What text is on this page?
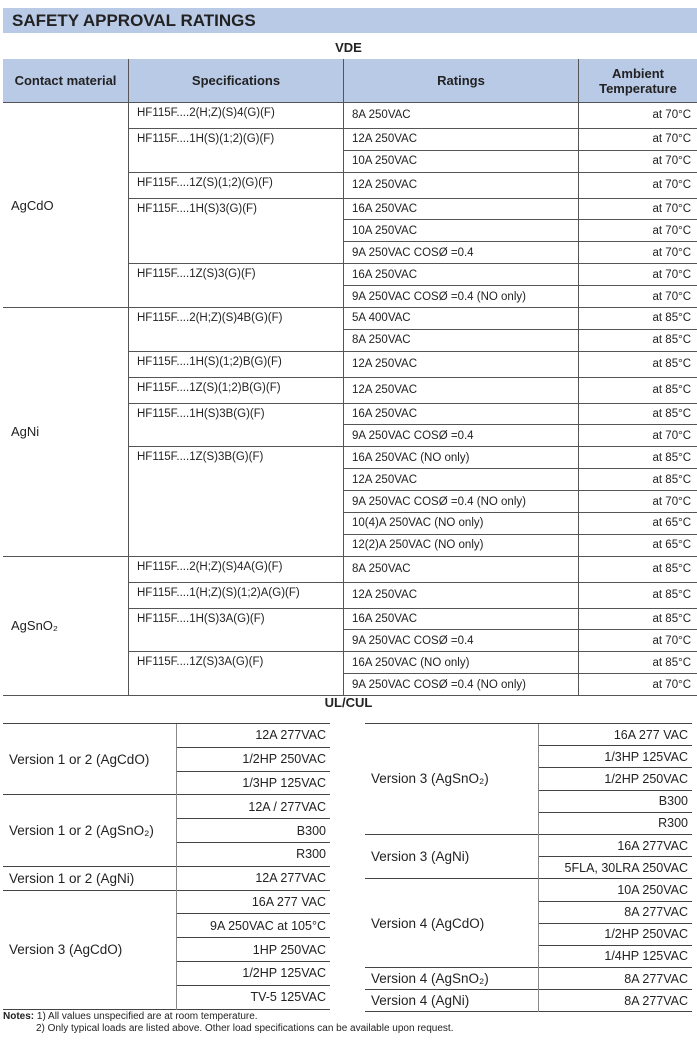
SAFETY APPROVAL RATINGS
VDE
Contact material	Specifications	Ratings	Ambient Temperature
AgCdO	HF115F....2(H;Z)(S)4(G)(F)	8A 250VAC	at 70°C
	HF115F....1H(S)(1;2)(G)(F)	12A 250VAC	at 70°C
		10A 250VAC	at 70°C
	HF115F....1Z(S)(1;2)(G)(F)	12A 250VAC	at 70°C
	HF115F....1H(S)3(G)(F)	16A 250VAC	at 70°C
		10A 250VAC	at 70°C
		9A 250VAC COSØ =0.4	at 70°C
	HF115F....1Z(S)3(G)(F)	16A 250VAC	at 70°C
		9A 250VAC COSØ =0.4 (NO only)	at 70°C
AgNi	HF115F....2(H;Z)(S)4B(G)(F)	5A 400VAC	at 85°C
		8A 250VAC	at 85°C
	HF115F....1H(S)(1;2)B(G)(F)	12A 250VAC	at 85°C
	HF115F....1Z(S)(1;2)B(G)(F)	12A 250VAC	at 85°C
	HF115F....1H(S)3B(G)(F)	16A 250VAC	at 85°C
		9A 250VAC COSØ =0.4	at 70°C
	HF115F....1Z(S)3B(G)(F)	16A 250VAC (NO only)	at 85°C
		12A 250VAC	at 85°C
		9A 250VAC COSØ =0.4 (NO only)	at 70°C
		10(4)A 250VAC (NO only)	at 65°C
		12(2)A 250VAC (NO only)	at 65°C
AgSnO₂	HF115F....2(H;Z)(S)4A(G)(F)	8A 250VAC	at 85°C
	HF115F....1(H;Z)(S)(1;2)A(G)(F)	12A 250VAC	at 85°C
	HF115F....1H(S)3A(G)(F)	16A 250VAC	at 85°C
		9A 250VAC COSØ =0.4	at 70°C
	HF115F....1Z(S)3A(G)(F)	16A 250VAC (NO only)	at 85°C
		9A 250VAC COSØ =0.4 (NO only)	at 70°C
UL/CUL
Version 1 or 2 (AgCdO)	12A 277VAC
	1/2HP 250VAC
	1/3HP 125VAC
Version 1 or 2 (AgSnO₂)	12A / 277VAC
	B300
	R300
Version 1 or 2 (AgNi)	12A 277VAC
Version 3 (AgCdO)	16A 277 VAC
	9A 250VAC at 105°C
	1HP 250VAC
	1/2HP 125VAC
	TV-5 125VAC
Version 3 (AgSnO₂)	16A 277 VAC
	1/3HP 125VAC
	1/2HP 250VAC
	B300
	R300
Version 3 (AgNi)	16A 277VAC
	5FLA, 30LRA 250VAC
Version 4 (AgCdO)	10A 250VAC
	8A 277VAC
	1/2HP 250VAC
	1/4HP 125VAC
Version 4 (AgSnO₂)	8A 277VAC
Version 4 (AgNi)	8A 277VAC
Notes: 1) All values unspecified are at room temperature.
2) Only typical loads are listed above. Other load specifications can be available upon request.
